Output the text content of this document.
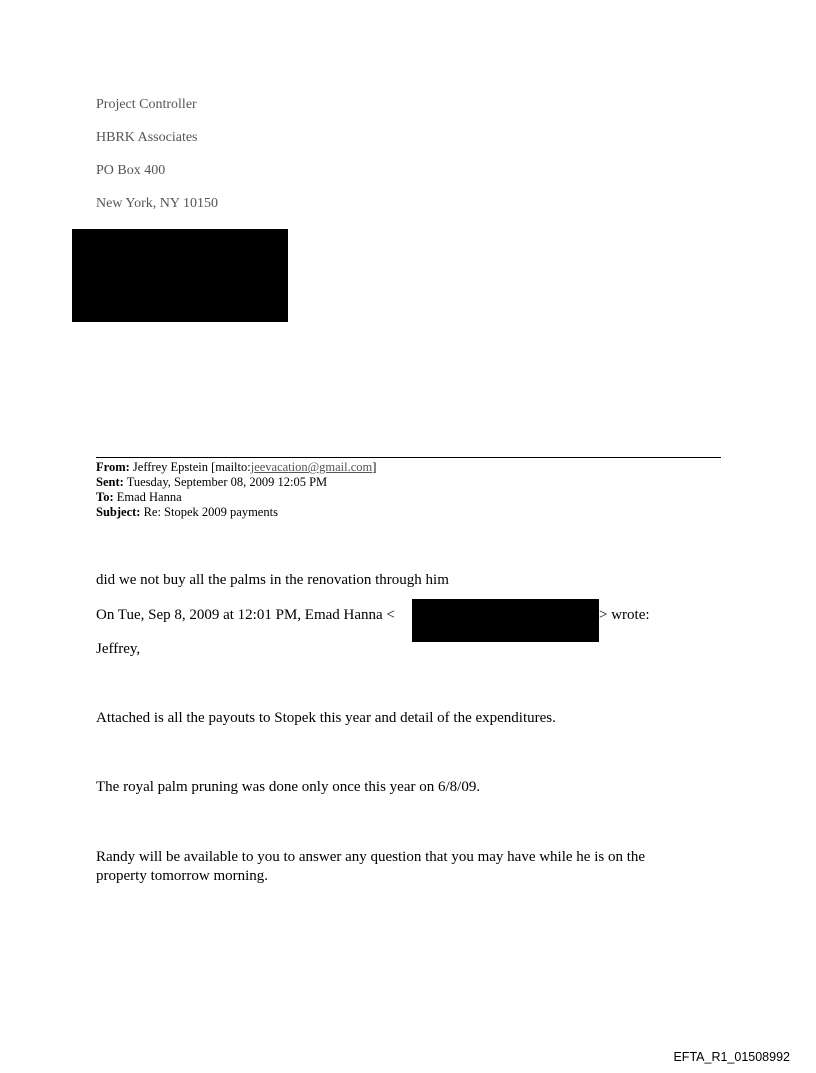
Project Controller
HBRK Associates
PO Box 400
New York, NY 10150
From: Jeffrey Epstein [mailto:jeevacation@gmail.com]
Sent: Tuesday, September 08, 2009 12:05 PM
To: Emad Hanna
Subject: Re: Stopek 2009 payments
did we not buy all the palms in the renovation through him
On Tue, Sep 8, 2009 at 12:01 PM, Emad Hanna <	> wrote:
Jeffrey,
Attached is all the payouts to Stopek this year and detail of the expenditures.
The royal palm pruning was done only once this year on 6/8/09.
Randy will be available to you to answer any question that you may have while he is on the property tomorrow morning.
EFTA_R1_01508992
